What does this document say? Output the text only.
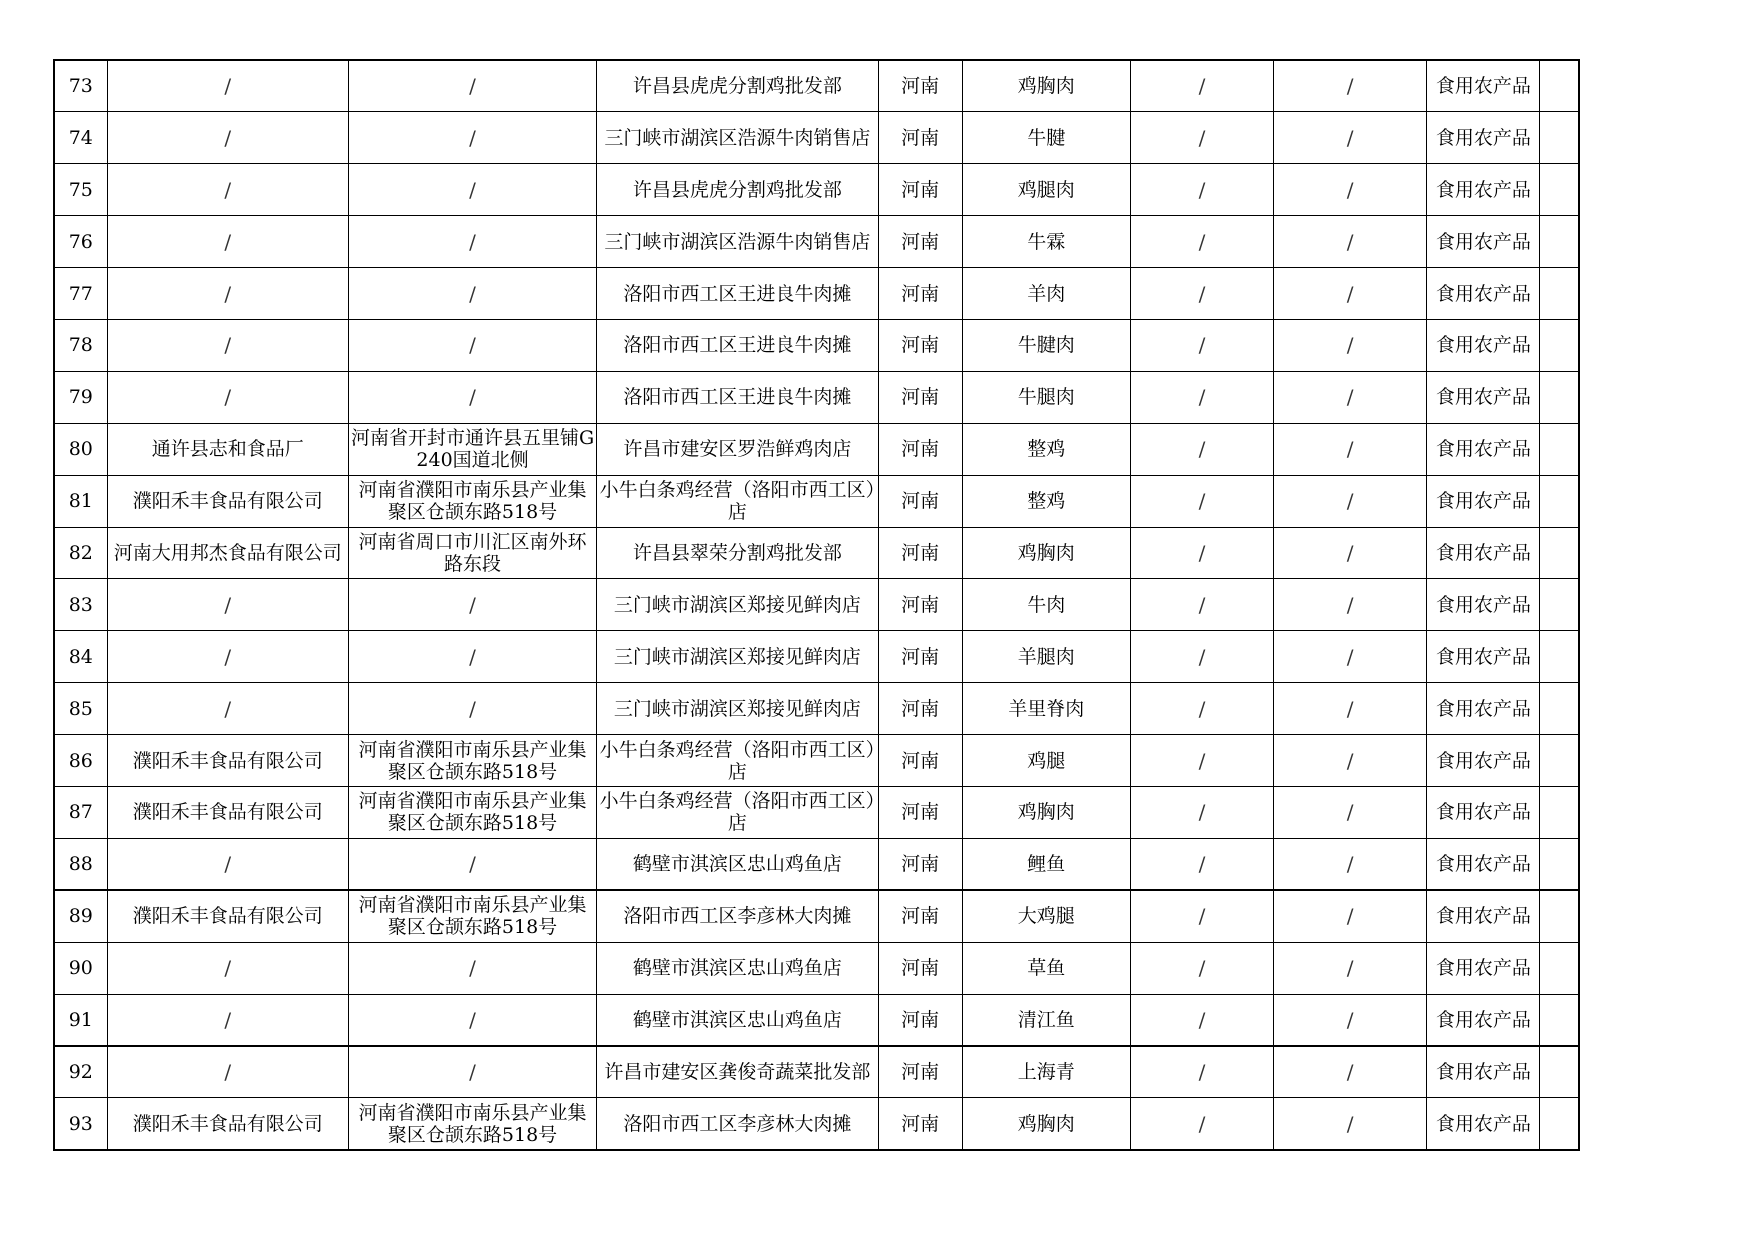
73	/	/	许昌县虎虎分割鸡批发部	河南	鸡胸肉	/	/	食用农产品	
74	/	/	三门峡市湖滨区浩源牛肉销售店	河南	牛腱	/	/	食用农产品	
75	/	/	许昌县虎虎分割鸡批发部	河南	鸡腿肉	/	/	食用农产品	
76	/	/	三门峡市湖滨区浩源牛肉销售店	河南	牛霖	/	/	食用农产品	
77	/	/	洛阳市西工区王进良牛肉摊	河南	羊肉	/	/	食用农产品	
78	/	/	洛阳市西工区王进良牛肉摊	河南	牛腱肉	/	/	食用农产品	
79	/	/	洛阳市西工区王进良牛肉摊	河南	牛腿肉	/	/	食用农产品	
80	通许县志和食品厂	河南省开封市通许县五里铺G240国道北侧	许昌市建安区罗浩鲜鸡肉店	河南	整鸡	/	/	食用农产品	
81	濮阳禾丰食品有限公司	河南省濮阳市南乐县产业集聚区仓颉东路518号	小牛白条鸡经营（洛阳市西工区）店	河南	整鸡	/	/	食用农产品	
82	河南大用邦杰食品有限公司	河南省周口市川汇区南外环路东段	许昌县翠荣分割鸡批发部	河南	鸡胸肉	/	/	食用农产品	
83	/	/	三门峡市湖滨区郑接见鲜肉店	河南	牛肉	/	/	食用农产品	
84	/	/	三门峡市湖滨区郑接见鲜肉店	河南	羊腿肉	/	/	食用农产品	
85	/	/	三门峡市湖滨区郑接见鲜肉店	河南	羊里脊肉	/	/	食用农产品	
86	濮阳禾丰食品有限公司	河南省濮阳市南乐县产业集聚区仓颉东路518号	小牛白条鸡经营（洛阳市西工区）店	河南	鸡腿	/	/	食用农产品	
87	濮阳禾丰食品有限公司	河南省濮阳市南乐县产业集聚区仓颉东路518号	小牛白条鸡经营（洛阳市西工区）店	河南	鸡胸肉	/	/	食用农产品	
88	/	/	鹤壁市淇滨区忠山鸡鱼店	河南	鲤鱼	/	/	食用农产品	
89	濮阳禾丰食品有限公司	河南省濮阳市南乐县产业集聚区仓颉东路518号	洛阳市西工区李彦林大肉摊	河南	大鸡腿	/	/	食用农产品	
90	/	/	鹤壁市淇滨区忠山鸡鱼店	河南	草鱼	/	/	食用农产品	
91	/	/	鹤壁市淇滨区忠山鸡鱼店	河南	清江鱼	/	/	食用农产品	
92	/	/	许昌市建安区龚俊奇蔬菜批发部	河南	上海青	/	/	食用农产品	
93	濮阳禾丰食品有限公司	河南省濮阳市南乐县产业集聚区仓颉东路518号	洛阳市西工区李彦林大肉摊	河南	鸡胸肉	/	/	食用农产品	
